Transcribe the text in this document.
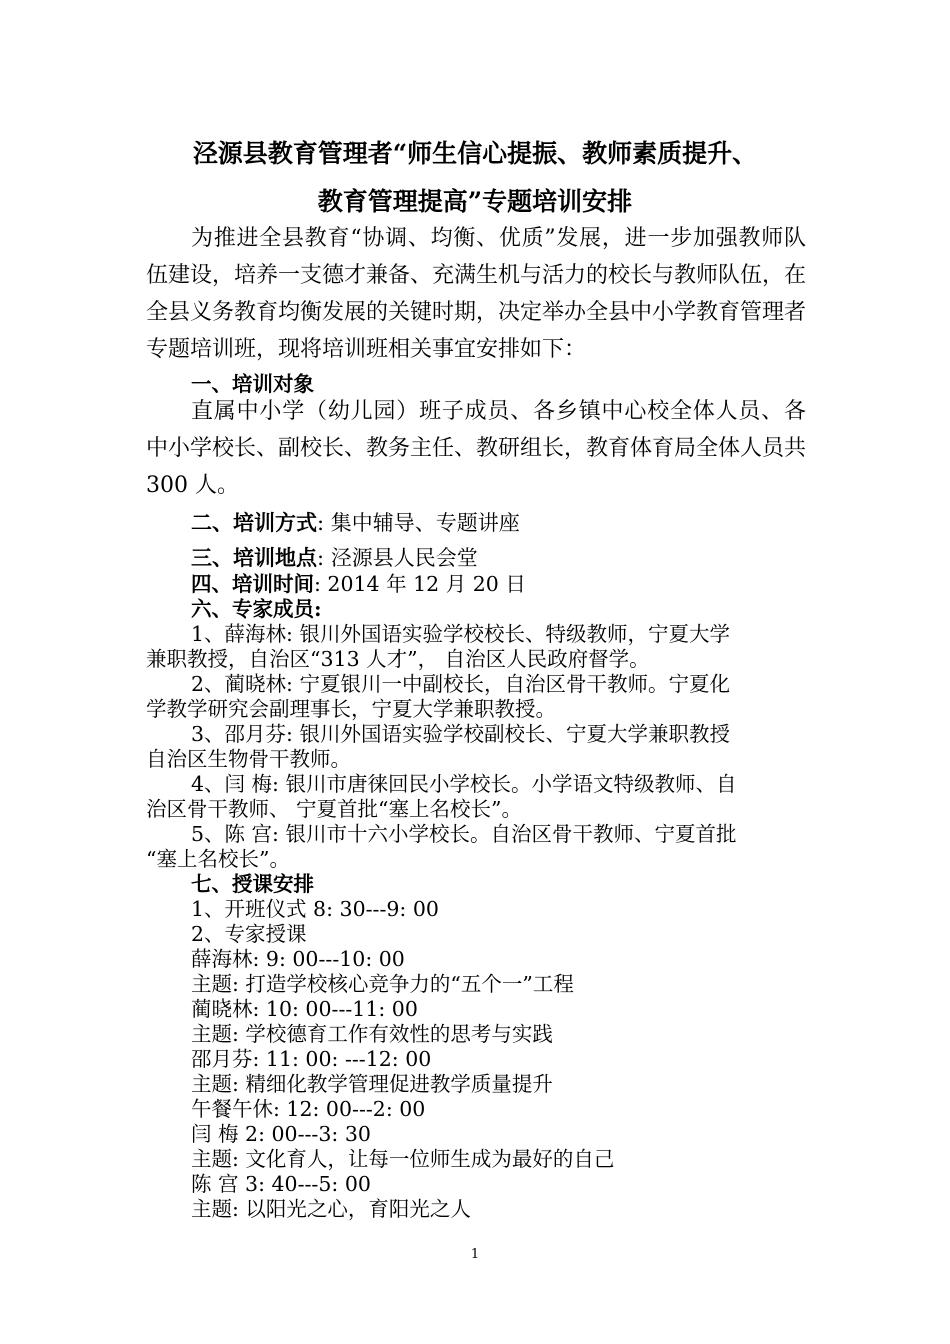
泾源县教育管理者“师生信心提振、教师素质提升、
教育管理提高”专题培训安排
为推进全县教育“协调、均衡、优质”发展，进一步加强教师队伍建设，培养一支德才兼备、充满生机与活力的校长与教师队伍，在全县义务教育均衡发展的关键时期，决定举办全县中小学教育管理者专题培训班，现将培训班相关事宜安排如下：
一、培训对象
直属中小学（幼儿园）班子成员、各乡镇中心校全体人员、各中小学校长、副校长、教务主任、教研组长，教育体育局全体人员共 300 人。
二、培训方式: 集中辅导、专题讲座
三、培训地点: 泾源县人民会堂
四、培训时间: 2014 年 12 月 20 日
六、专家成员:
1、薛海林: 银川外国语实验学校校长、特级教师，宁夏大学
兼职教授，自治区“313 人才”， 自治区人民政府督学。
2、蔺晓林: 宁夏银川一中副校长，自治区骨干教师。宁夏化
学教学研究会副理事长，宁夏大学兼职教授。
3、邵月芬: 银川外国语实验学校副校长、宁夏大学兼职教授
自治区生物骨干教师。
4、闫 梅: 银川市唐徕回民小学校长。小学语文特级教师、自
治区骨干教师、 宁夏首批“塞上名校长”。
5、陈 宫: 银川市十六小学校长。自治区骨干教师、宁夏首批
“塞上名校长”。
七、授课安排
1、开班仪式 8: 30---9: 00
2、专家授课
薛海林: 9: 00---10: 00
主题: 打造学校核心竞争力的“五个一”工程
蔺晓林: 10: 00---11: 00
主题: 学校德育工作有效性的思考与实践
邵月芬: 11: 00: ---12: 00
主题: 精细化教学管理促进教学质量提升
午餐午休: 12: 00---2: 00
闫 梅 2: 00---3: 30
主题: 文化育人，让每一位师生成为最好的自己
陈 宫 3: 40---5: 00
主题: 以阳光之心，育阳光之人
1
